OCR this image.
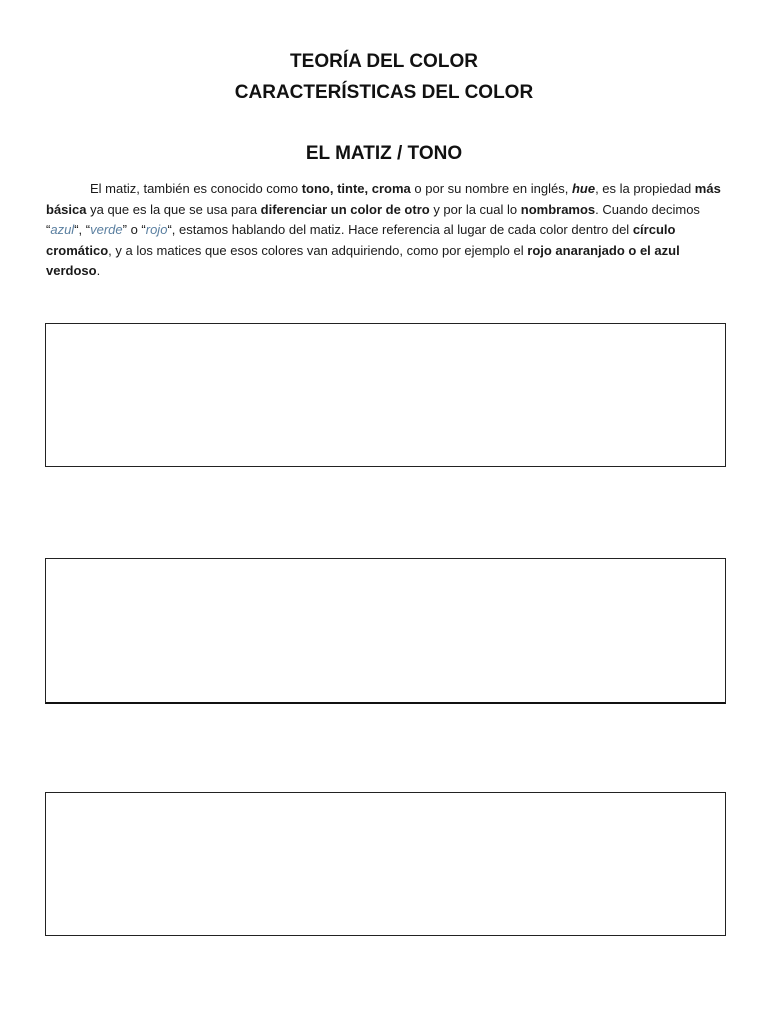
TEORÍA DEL COLOR
CARACTERÍSTICAS DEL COLOR
EL MATIZ / TONO

El matiz, también es conocido como tono, tinte, croma o por su nombre en inglés, hue, es la propiedad más básica ya que es la que se usa para diferenciar un color de otro y por la cual lo nombramos. Cuando decimos “azul“, “verde” o “rojo“, estamos hablando del matiz. Hace referencia al lugar de cada color dentro del círculo cromático, y a los matices que esos colores van adquiriendo, como por ejemplo el rojo anaranjado o el azul verdoso.
